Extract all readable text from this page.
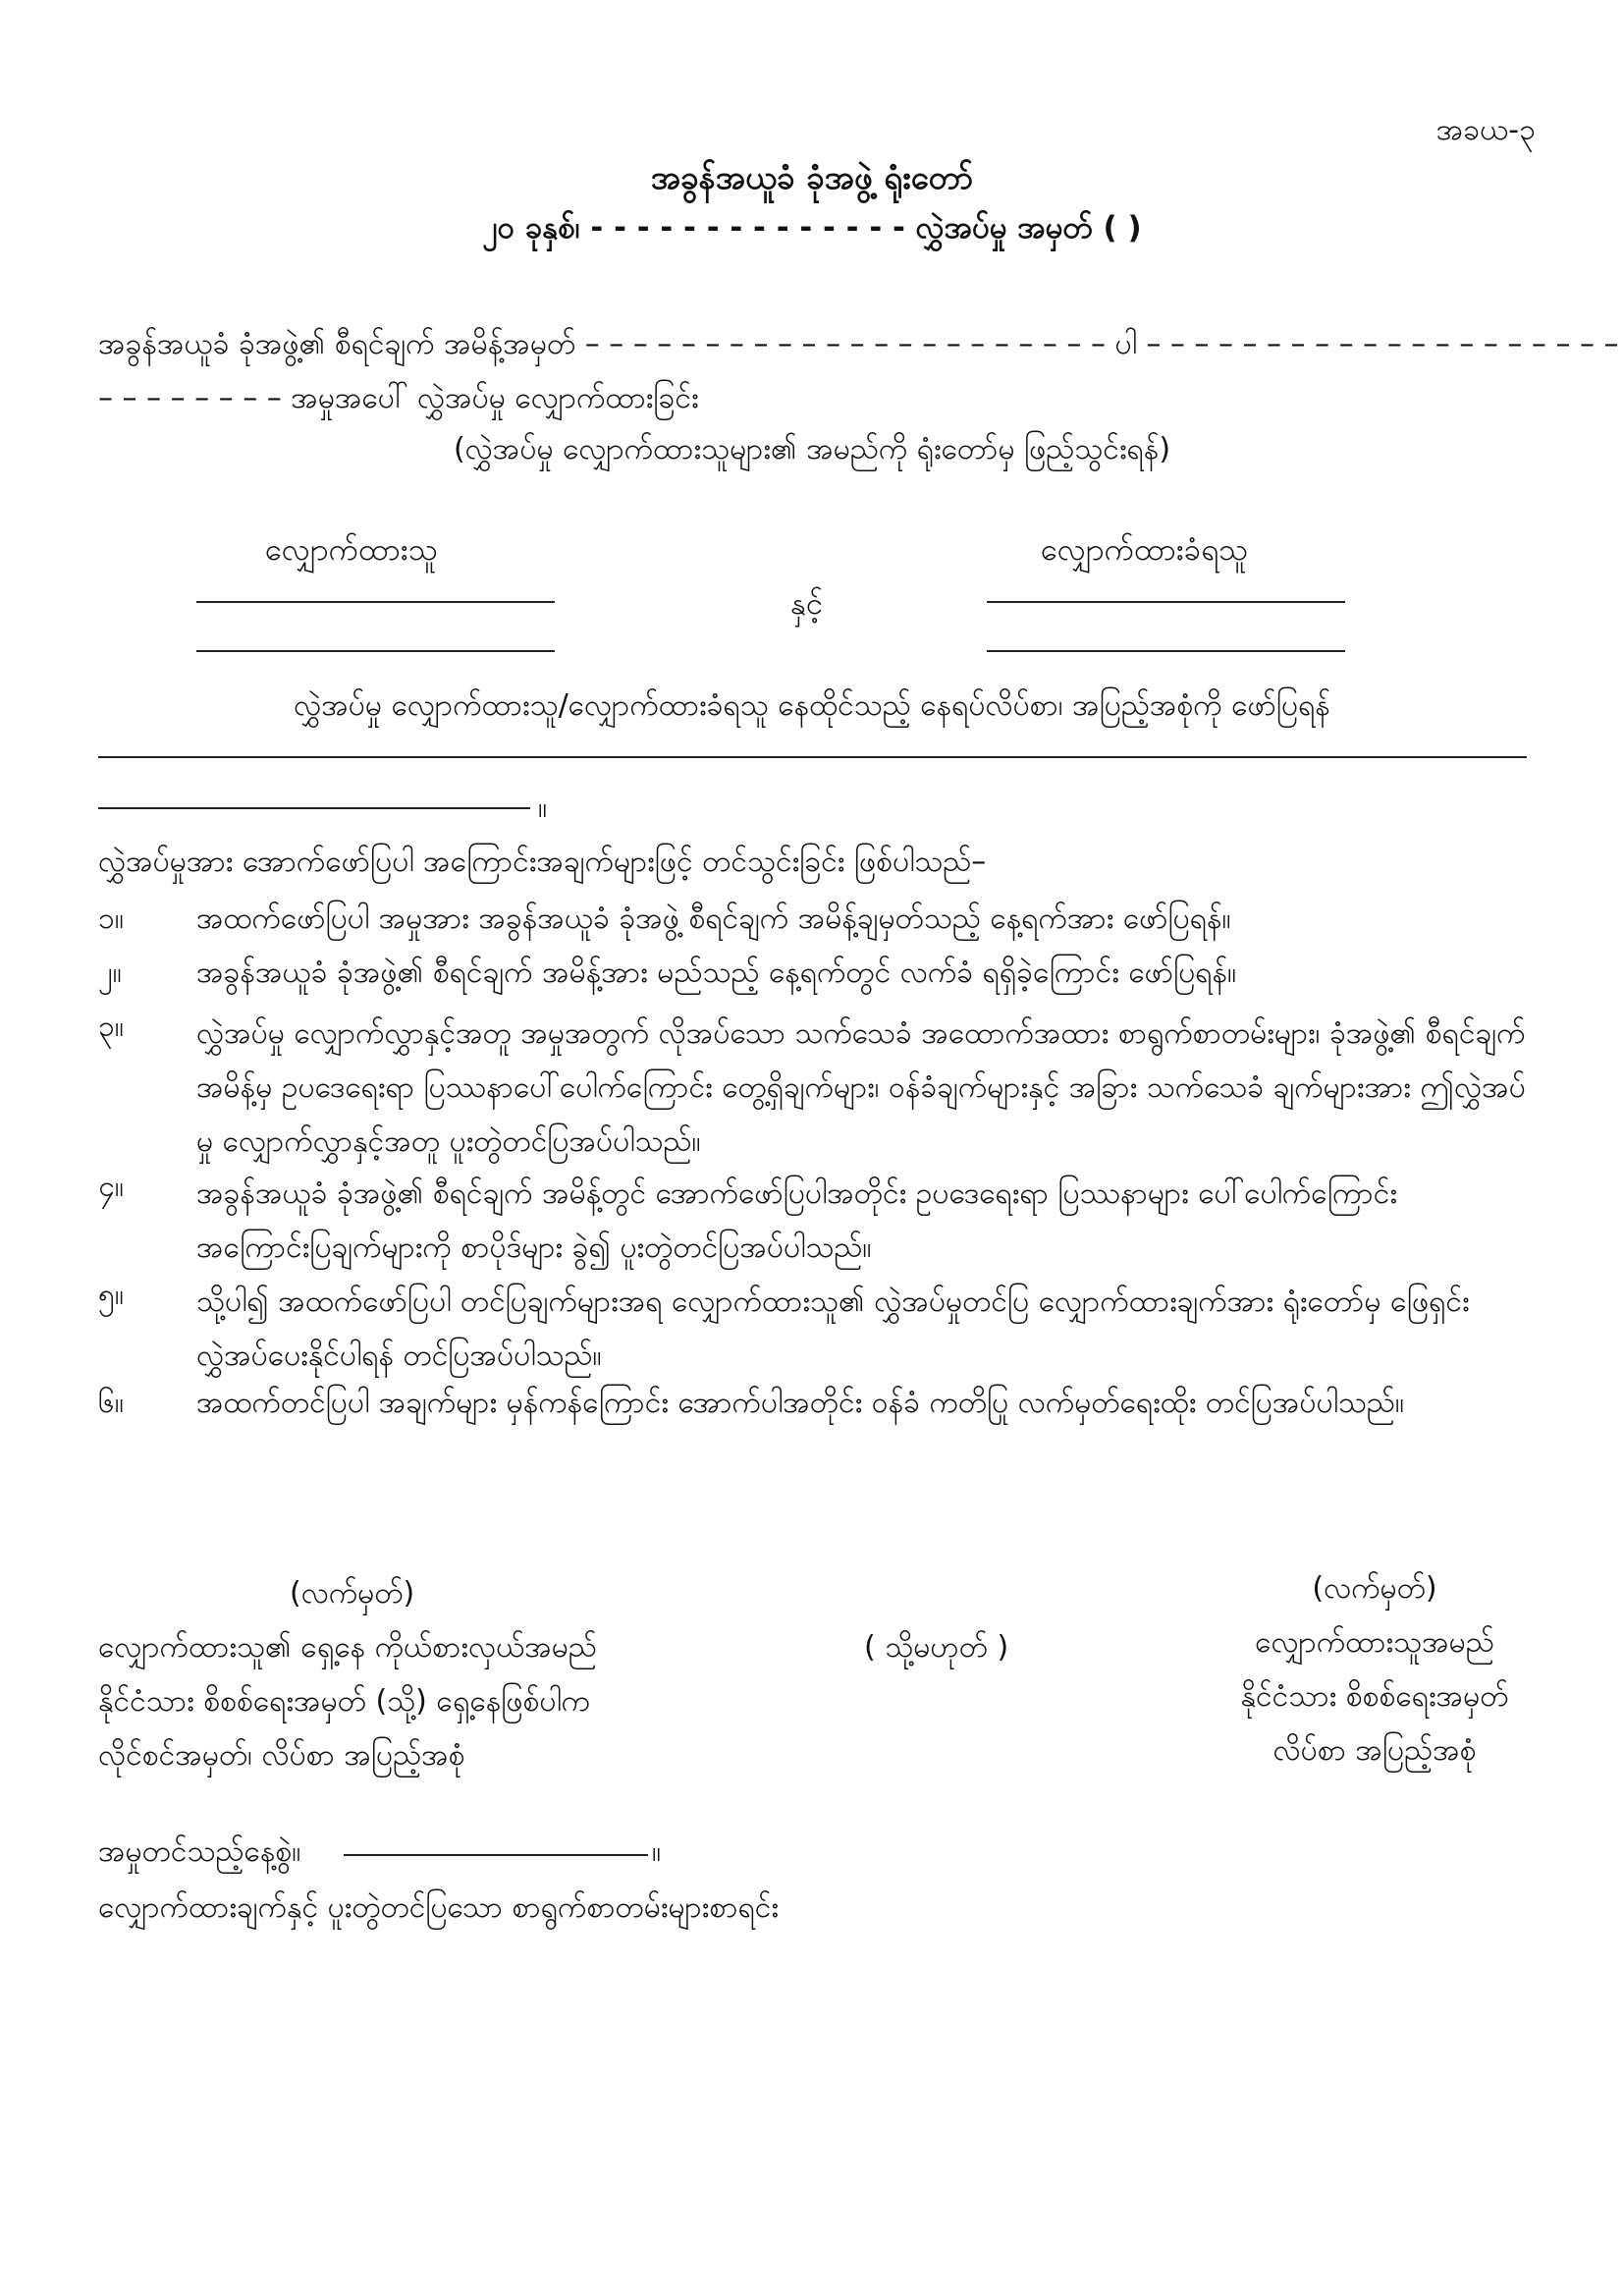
အခယ-၃
အခွန်အယူခံ ခုံအဖွဲ့ ရုံးတော်
၂၀ ခုနှစ်၊ - - - - - - - - - - - - - - လွှဲအပ်မှု အမှတ် ( )
အခွန်အယူခံ ခုံအဖွဲ့၏ စီရင်ချက် အမိန့်အမှတ် – – – – – – – – – – – – – – – – – – – – – – ပါ – – – – – – – – – – – – – – – – – – – –
– – – – – – – – အမှုအပေါ် လွှဲအပ်မှု လျှောက်ထားခြင်း
(လွှဲအပ်မှု လျှောက်ထားသူများ၏ အမည်ကို ရုံးတော်မှ ဖြည့်သွင်းရန်)
လျှောက်ထားသူ	လျှောက်ထားခံရသူ
နှင့်
လွှဲအပ်မှု လျှောက်ထားသူ/လျှောက်ထားခံရသူ နေထိုင်သည့် နေရပ်လိပ်စာ၊ အပြည့်အစုံကို ဖော်ပြရန်
။
လွှဲအပ်မှုအား အောက်ဖော်ပြပါ အကြောင်းအချက်များဖြင့် တင်သွင်းခြင်း ဖြစ်ပါသည်–
၁။ အထက်ဖော်ပြပါ အမှုအား အခွန်အယူခံ ခုံအဖွဲ့ စီရင်ချက် အမိန့်ချမှတ်သည့် နေ့ရက်အား ဖော်ပြရန်။
၂။	အခွန်အယူခံ ခုံအဖွဲ့၏ စီရင်ချက် အမိန့်အား မည်သည့် နေ့ရက်တွင် လက်ခံ ရရှိခဲ့ကြောင်း ဖော်ပြရန်။
၃။ လွှဲအပ်မှု လျှောက်လွှာနှင့်အတူ အမှုအတွက် လိုအပ်သော သက်သေခံ အထောက်အထား စာရွက်စာတမ်းများ၊ ခုံအဖွဲ့၏ စီရင်ချက်အမိန့်မှ ဥပဒေရေးရာ ပြဿနာပေါ်ပေါက်ကြောင်း တွေ့ရှိချက်များ၊ ဝန်ခံချက်များနှင့် အခြား သက်သေခံ ချက်များအား ဤလွှဲအပ်မှု လျှောက်လွှာနှင့်အတူ ပူးတွဲတင်ပြအပ်ပါသည်။
၄။ အခွန်အယူခံ ခုံအဖွဲ့၏ စီရင်ချက် အမိန့်တွင် အောက်ဖော်ပြပါအတိုင်း ဥပဒေရေးရာ ပြဿနာများ ပေါ်ပေါက်ကြောင်း အကြောင်းပြချက်များကို စာပိုဒ်များ ခွဲ၍ ပူးတွဲတင်ပြအပ်ပါသည်။
၅။ သို့ပါ၍ အထက်ဖော်ပြပါ တင်ပြချက်များအရ လျှောက်ထားသူ၏ လွှဲအပ်မှုတင်ပြ လျှောက်ထားချက်အား ရုံးတော်မှ ဖြေရှင်း လွှဲအပ်ပေးနိုင်ပါရန် တင်ပြအပ်ပါသည်။
၆။ အထက်တင်ပြပါ အချက်များ မှန်ကန်ကြောင်း အောက်ပါအတိုင်း ဝန်ခံ ကတိပြု လက်မှတ်ရေးထိုး တင်ပြအပ်ပါသည်။
(လက်မှတ်)
လျှောက်ထားသူ၏ ရှေ့နေ ကိုယ်စားလှယ်အမည်
နိုင်ငံသား စိစစ်ရေးအမှတ် (သို့) ရှေ့နေဖြစ်ပါက
လိုင်စင်အမှတ်၊ လိပ်စာ အပြည့်အစုံ
( သို့မဟုတ် )
(လက်မှတ်)
လျှောက်ထားသူအမည်
နိုင်ငံသား စိစစ်ရေးအမှတ်
လိပ်စာ အပြည့်အစုံ
အမှုတင်သည့်နေ့စွဲ။	။
လျှောက်ထားချက်နှင့် ပူးတွဲတင်ပြသော စာရွက်စာတမ်းများစာရင်း
